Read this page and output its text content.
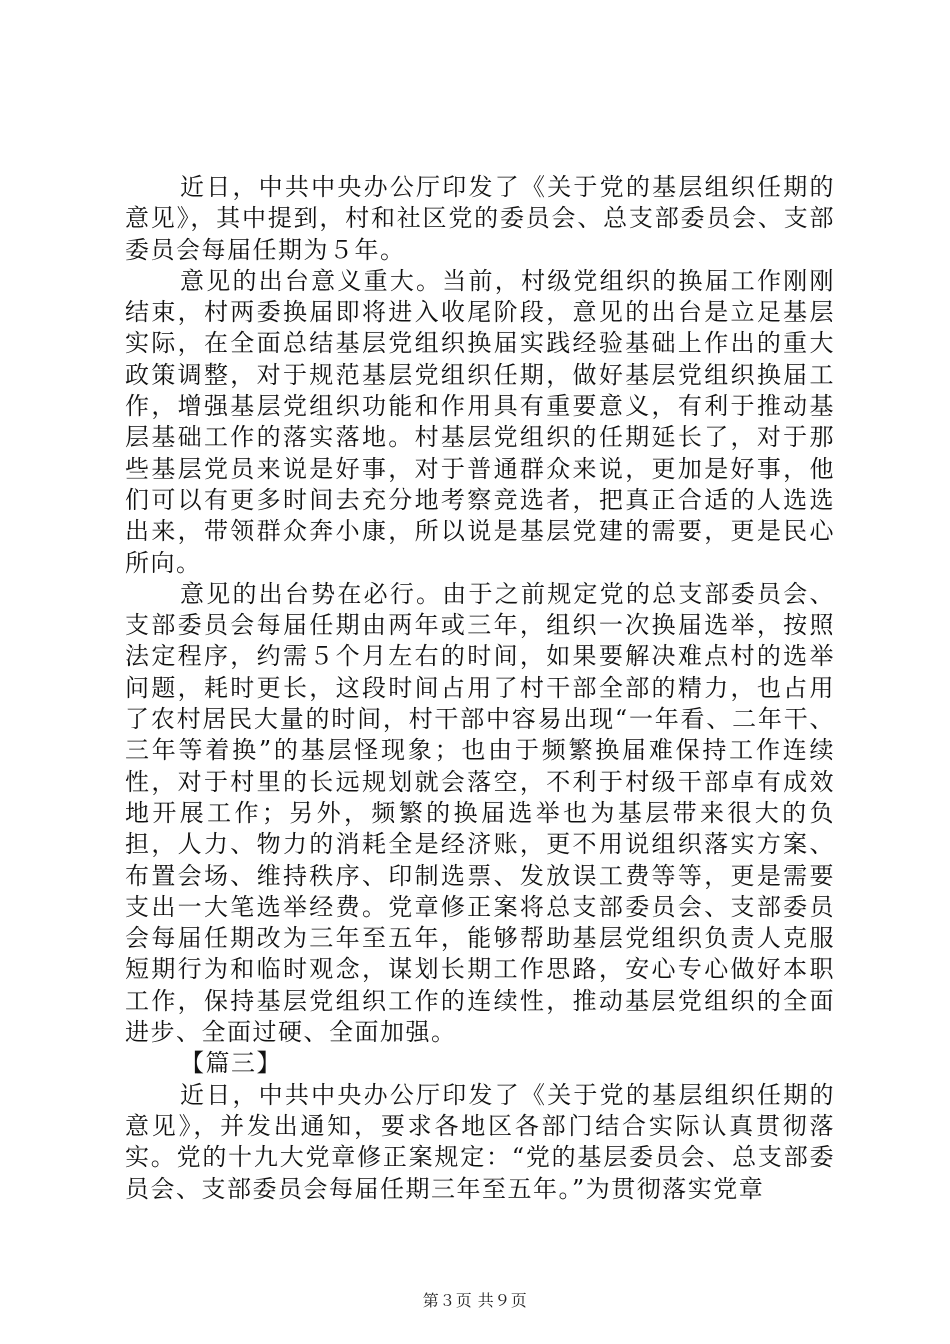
近日，中共中央办公厅印发了《关于党的基层组织任期的意见》，其中提到，村和社区党的委员会、总支部委员会、支部委员会每届任期为５年。

意见的出台意义重大。当前，村级党组织的换届工作刚刚结束，村两委换届即将进入收尾阶段，意见的出台是立足基层实际，在全面总结基层党组织换届实践经验基础上作出的重大政策调整，对于规范基层党组织任期，做好基层党组织换届工作，增强基层党组织功能和作用具有重要意义，有利于推动基层基础工作的落实落地。村基层党组织的任期延长了，对于那些基层党员来说是好事，对于普通群众来说，更加是好事，他们可以有更多时间去充分地考察竞选者，把真正合适的人选选出来，带领群众奔小康，所以说是基层党建的需要，更是民心所向。

意见的出台势在必行。由于之前规定党的总支部委员会、支部委员会每届任期由两年或三年，组织一次换届选举，按照法定程序，约需５个月左右的时间，如果要解决难点村的选举问题，耗时更长，这段时间占用了村干部全部的精力，也占用了农村居民大量的时间，村干部中容易出现“一年看、二年干、三年等着换”的基层怪现象；也由于频繁换届难保持工作连续性，对于村里的长远规划就会落空，不利于村级干部卓有成效地开展工作；另外，频繁的换届选举也为基层带来很大的负担，人力、物力的消耗全是经济账，更不用说组织落实方案、布置会场、维持秩序、印制选票、发放误工费等等，更是需要支出一大笔选举经费。党章修正案将总支部委员会、支部委员会每届任期改为三年至五年，能够帮助基层党组织负责人克服短期行为和临时观念，谋划长期工作思路，安心专心做好本职工作，保持基层党组织工作的连续性，推动基层党组织的全面进步、全面过硬、全面加强。

【篇三】

近日，中共中央办公厅印发了《关于党的基层组织任期的意见》，并发出通知，要求各地区各部门结合实际认真贯彻落实。党的十九大党章修正案规定：“党的基层委员会、总支部委员会、支部委员会每届任期三年至五年。”为贯彻落实党章

第３页 共９页
